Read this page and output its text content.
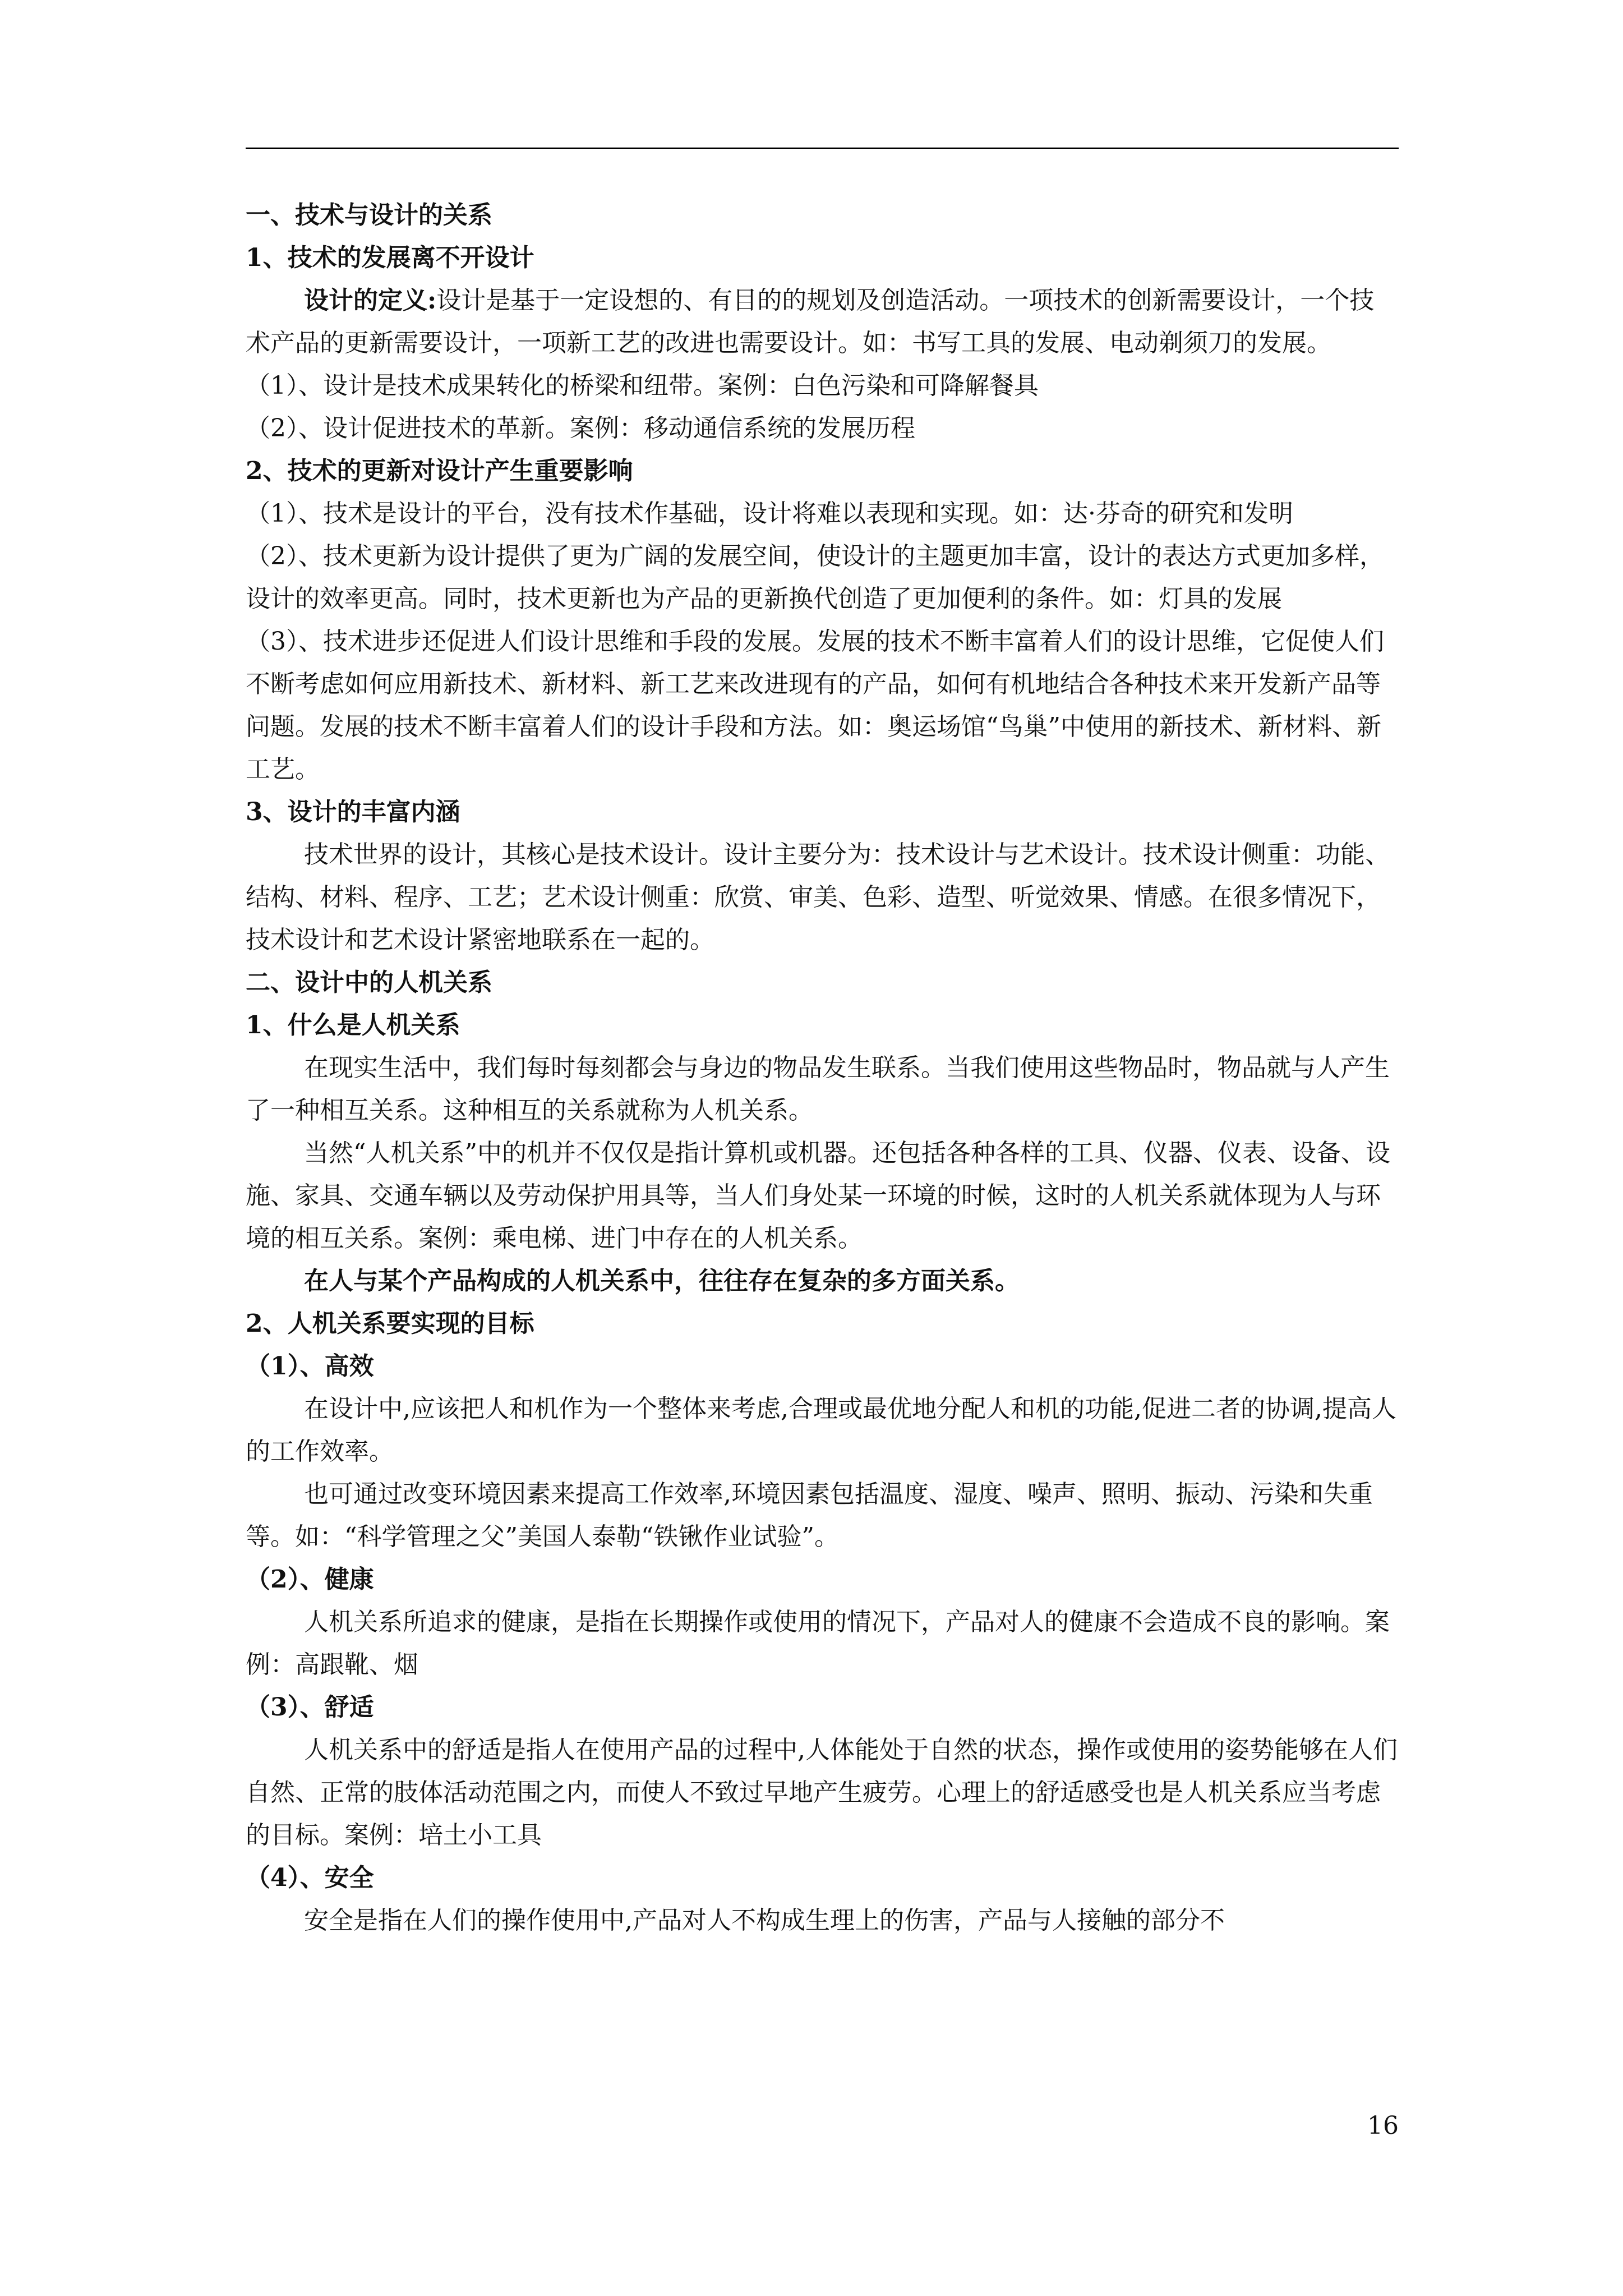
一、技术与设计的关系

1、技术的发展离不开设计

设计的定义:设计是基于一定设想的、有目的的规划及创造活动。一项技术的创新需要设计，一个技术产品的更新需要设计，一项新工艺的改进也需要设计。如：书写工具的发展、电动剃须刀的发展。

（1）、设计是技术成果转化的桥梁和纽带。案例：白色污染和可降解餐具

（2）、设计促进技术的革新。案例：移动通信系统的发展历程

2、技术的更新对设计产生重要影响

（1）、技术是设计的平台，没有技术作基础，设计将难以表现和实现。如：达·芬奇的研究和发明

（2）、技术更新为设计提供了更为广阔的发展空间，使设计的主题更加丰富，设计的表达方式更加多样，设计的效率更高。同时，技术更新也为产品的更新换代创造了更加便利的条件。如：灯具的发展

（3）、技术进步还促进人们设计思维和手段的发展。发展的技术不断丰富着人们的设计思维，它促使人们不断考虑如何应用新技术、新材料、新工艺来改进现有的产品，如何有机地结合各种技术来开发新产品等问题。发展的技术不断丰富着人们的设计手段和方法。如：奥运场馆“鸟巢”中使用的新技术、新材料、新工艺。

3、设计的丰富内涵

技术世界的设计，其核心是技术设计。设计主要分为：技术设计与艺术设计。技术设计侧重：功能、结构、材料、程序、工艺；艺术设计侧重：欣赏、审美、色彩、造型、听觉效果、情感。在很多情况下，技术设计和艺术设计紧密地联系在一起的。

二、设计中的人机关系

1、什么是人机关系

在现实生活中，我们每时每刻都会与身边的物品发生联系。当我们使用这些物品时，物品就与人产生了一种相互关系。这种相互的关系就称为人机关系。

当然“人机关系”中的机并不仅仅是指计算机或机器。还包括各种各样的工具、仪器、仪表、设备、设施、家具、交通车辆以及劳动保护用具等，当人们身处某一环境的时候，这时的人机关系就体现为人与环境的相互关系。案例：乘电梯、进门中存在的人机关系。

在人与某个产品构成的人机关系中，往往存在复杂的多方面关系。

2、人机关系要实现的目标

（1）、高效

在设计中,应该把人和机作为一个整体来考虑,合理或最优地分配人和机的功能,促进二者的协调,提高人的工作效率。

也可通过改变环境因素来提高工作效率,环境因素包括温度、湿度、噪声、照明、振动、污染和失重等。如：“科学管理之父”美国人泰勒“铁锹作业试验”。

（2）、健康

人机关系所追求的健康，是指在长期操作或使用的情况下，产品对人的健康不会造成不良的影响。案例：高跟靴、烟

（3）、舒适

人机关系中的舒适是指人在使用产品的过程中,人体能处于自然的状态，操作或使用的姿势能够在人们自然、正常的肢体活动范围之内，而使人不致过早地产生疲劳。心理上的舒适感受也是人机关系应当考虑的目标。案例：培土小工具

（4）、安全

安全是指在人们的操作使用中,产品对人不构成生理上的伤害，产品与人接触的部分不

16
